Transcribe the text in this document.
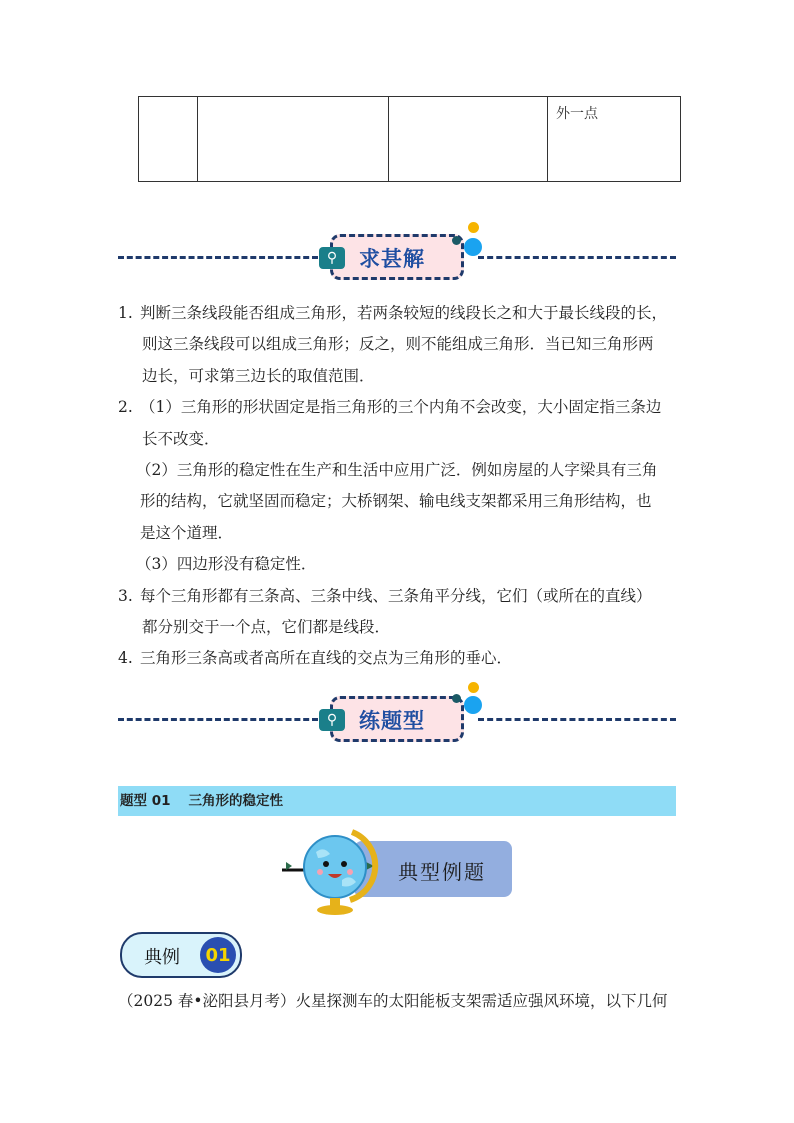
			外一点
⚲	求甚解
1. 判断三条线段能否组成三角形，若两条较短的线段长之和大于最长线段的长，
则这三条线段可以组成三角形；反之，则不能组成三角形．当已知三角形两
边长，可求第三边长的取值范围．
2. （1）三角形的形状固定是指三角形的三个内角不会改变，大小固定指三条边
长不改变．
（2）三角形的稳定性在生产和生活中应用广泛．例如房屋的人字梁具有三角
形的结构，它就坚固而稳定；大桥钢架、输电线支架都采用三角形结构，也
是这个道理．
（3）四边形没有稳定性．
3. 每个三角形都有三条高、三条中线、三条角平分线，它们（或所在的直线）
都分别交于一个点，它们都是线段．
4. 三角形三条高或者高所在直线的交点为三角形的垂心．
⚲	练题型
题型 01 三角形的稳定性
典型例题
典例	01
（2025 春•泌阳县月考）火星探测车的太阳能板支架需适应强风环境，以下几何
